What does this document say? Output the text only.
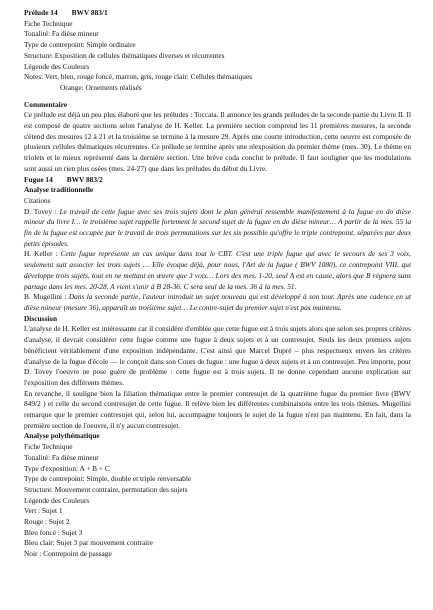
Prélude 14 BWV 883/1
Fiche Technique
Tonalité: Fa dièse mineur
Type de contrepoint: Simple ordinaire
Structure: Exposition de cellules thématiques diverses et récurrentes
Légende des Couleurs
Notes: Vert, bleu, rouge foncé, marron, gris, rouge clair: Cellules thématiques
Orange: Ornements réalisés
Commentaire
Ce prélude est déjà un peu plus élaboré que les préludes : Toccata. Il annonce les grands préludes de la seconde partie du Livre II. Il est composé de quatre sections selon l'analyse de H. Keller. La première section comprend les 11 premières mesures, la seconde s'étend des mesures 12 à 21 et la troisième se termine à la mesure 29. Après une courte introduction, cette oeuvre est composée de plusieurs cellules thématiques récurrentes. Ce prélude se termine après une réexposition du premier thème (mes. 30). Le thème en triolets et le mieux représenté dans la dernière section. Une brève coda conclut le prélude. Il faut souligner que les modulations sont aussi un rien plus osées (mes. 24-27) que dans les préludes du début du Livre.
Fugue 14 BWV 883/2
Analyse traditionnelle
Citations
D. Tovey : Le travail de cette fugue avec ses trois sujets dont le plan général ressemble manifestement à la fugue en do dièse mineur du livre I… le troisième sujet rappelle fortement le second sujet de la fugue en do dièse mineur… A partir de la mes. 55 la fin de la fugue est occupée par le travail de trois permutations sur les six possible qu'offre le triple contrepoint, séparées par deux petits épisodes.
H. Keller : Cette fugue représente un cas unique dans tout le CBT. C'est une triple fugue qui avec le secours de ses 3 voix, seulement suit associer les trois sujets … Elle évoque déjà, pour nous, l'Art de la fugue ( BWV 1080), ce contrepoint VIII, qui développe trois sujets, tout en ne mettant en œuvre que 3 voix… Lors des mes. 1-20, seul A est en cause, alors que B régnera sans partage dans les mes. 20-28. A vient s'unir à B 28-36. C sera seul de la mes. 36 à la mes. 51.
B. Mugellini : Dans la seconde partie, l'auteur introduit un sujet nouveau qui est développé à son tour. Après une cadence en ut dièse mineur (mesure 36), apparaît un troisième sujet… Le contre-sujet du premier sujet n'est pas maintenu.
Discussion
L'analyse de H. Keller est intéressante car il considère d'emblée que cette fugue est à trois sujets alors que selon ses propres critères d'analyse, il devrait considérer cette fugue comme une fugue à deux sujets et à un contresujet. Seuls les deux premiers sujets bénéficient véritablement d'une exposition indépendante. C'est ainsi que Marcel Dupré – plus respectueux envers les critères d'analyse de la fugue d'école — le conçoit dans son Cours de fugue : une fugue à deux sujets et à un contresujet. Peu importe, pour D. Tovey l'oeuvre ne pose guère de problème : cette fugue est à trois sujets. Il ne donne cependant aucune explication sur l'exposition des différents thèmes.
En revanche, il souligne bien la filiation thématique entre le premier contresujet de la quatrième fugue du premier livre (BWV 849/2 ) et celle du second contresujet de cette fugue. Il relève bien les différentes combinaisons entre les trois thèmes. Mugellini remarque que le premier contresujet qui, selon lui, accompagne toujours le sujet de la fugue n'est pas maintenu. En fait, dans la première section de l'oeuvre, il n'y aucun contresujet.
Analyse polythématique
Fiche Technique
Tonalité: Fa dièse mineur
Type d'exposition: A + B + C
Type de contrepoint: Simple, double et triple renversable
Structure: Mouvement contraire, permutation des sujets
Légende des Couleurs
Vert : Sujet 1
Rouge : Sujet 2
Bleu foncé : Sujet 3
Bleu clair: Sujet 3 par mouvement contraire
Noir : Contrepoint de passage
